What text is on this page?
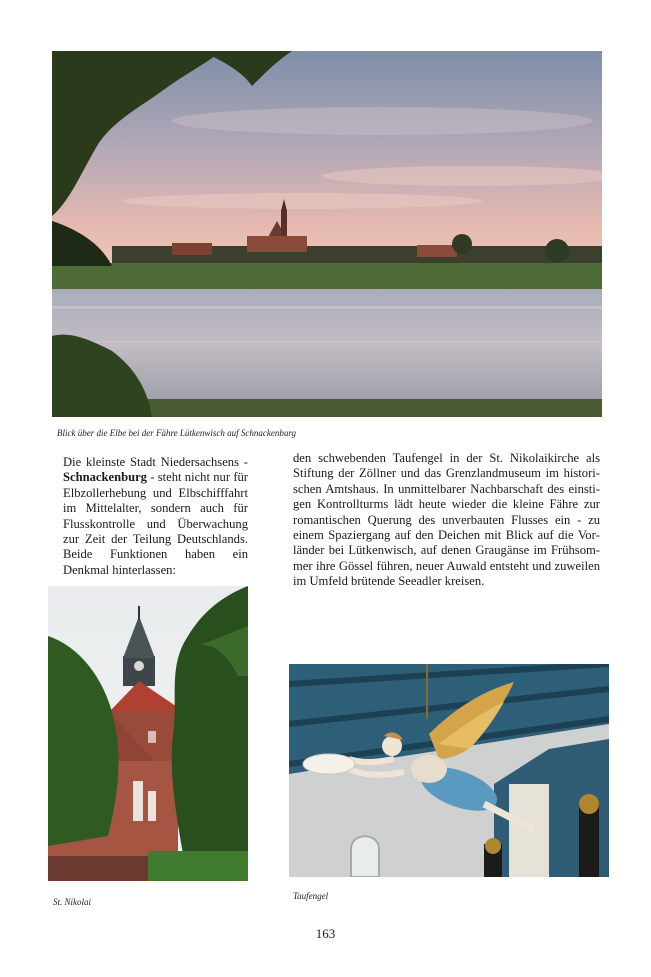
Blick über die Elbe bei der Fähre Lütkenwisch auf Schnackenburg

Die kleinste Stadt Niedersachsens - Schnackenburg - steht nicht nur für Elbzollerhebung und Elbschifffahrt im Mittelalter, sondern auch für Flusskontrolle und Überwachung zur Zeit der Teilung Deutschlands. Beide Funktionen haben ein Denkmal hinterlassen:

den schwebenden Taufengel in der St. Nikolaikirche als Stiftung der Zöllner und das Grenzlandmuseum im historischen Amtshaus. In unmittelbarer Nachbarschaft des einstigen Kontrollturms lädt heute wieder die kleine Fähre zur romantischen Querung des unverbauten Flusses ein - zu einem Spaziergang auf den Deichen mit Blick auf die Vorländer bei Lütkenwisch, auf denen Graugänse im Frühsommer ihre Gössel führen, neuer Auwald entsteht und zuweilen im Umfeld brütende Seeadler kreisen.

St. Nikolai
Taufengel
163
